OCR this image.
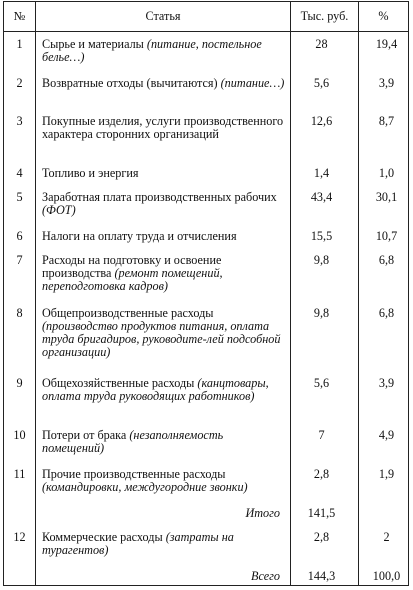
№	Статья	Тыс. руб.	%

1	Сырье и материалы (питание, постельное белье…)	28	19,4

2	Возвратные отходы (вычитаются) (питание…)	5,6	3,9

3	Покупные изделия, услуги производственного характера сторонних организаций	12,6	8,7

4	Топливо и энергия	1,4	1,0

5	Заработная плата производственных рабочих (ФОТ)	43,4	30,1

6	Налоги на оплату труда и отчисления	15,5	10,7

7	Расходы на подготовку и освоение производства (ремонт помещений, переподготовка кадров)	9,8	6,8

8	Общепроизводственные расходы (производство продуктов питания, оплата труда бригадиров, руководите-лей подсобной организации)	9,8	6,8

9	Общехозяйственные расходы (канцтовары, оплата труда руководящих работников)	5,6	3,9

10	Потери от брака (незаполняемость помещений)	7	4,9

11	Прочие производственные расходы (командировки, междугородние звонки)	2,8	1,9

	Итого	141,5	

12	Коммерческие расходы (затраты на турагентов)	2,8	2

	Всего	144,3	100,0
